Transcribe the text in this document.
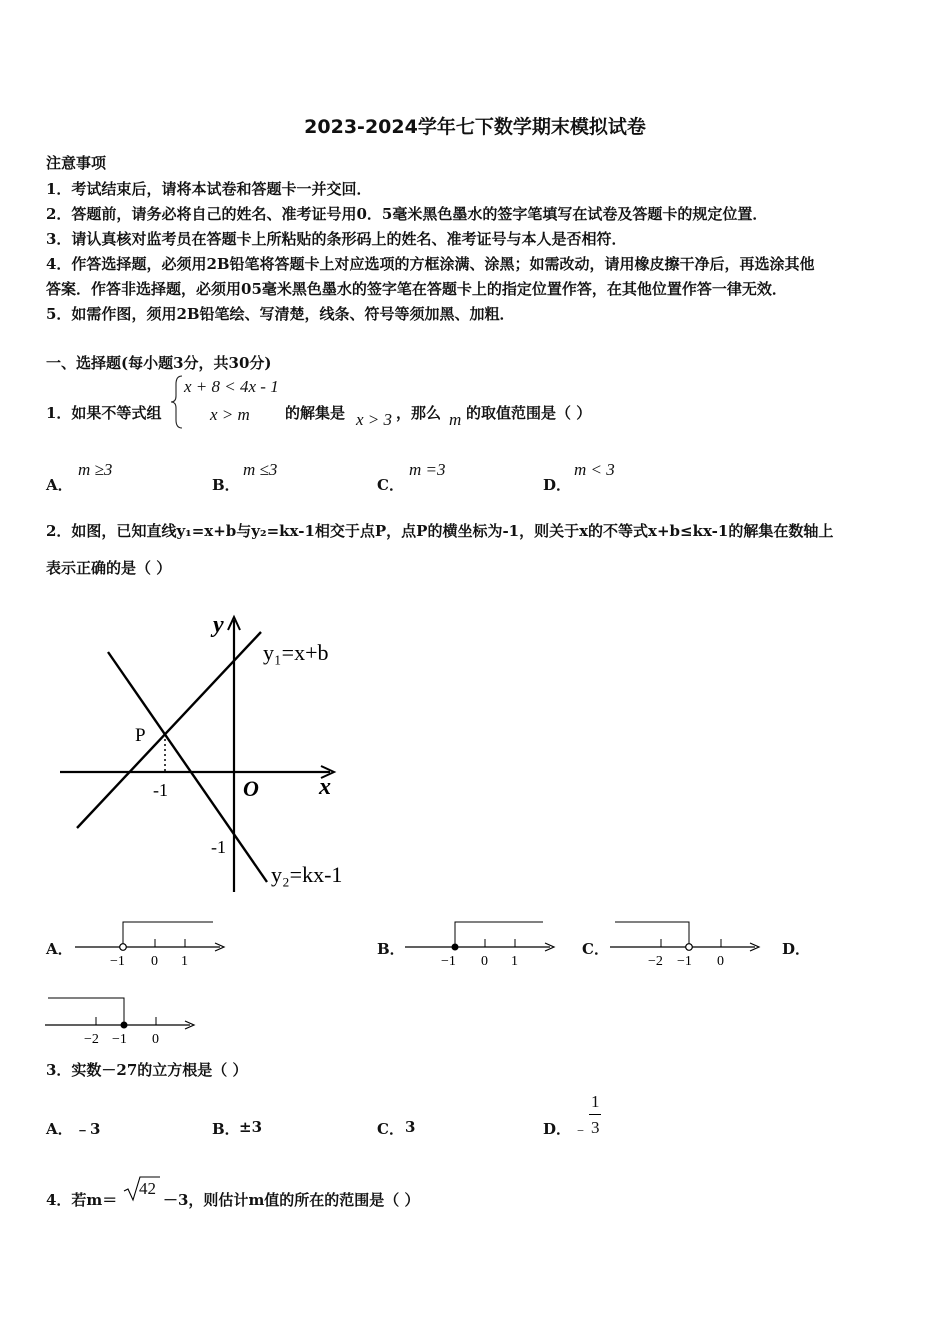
2023-2024学年七下数学期末模拟试卷
注意事项
1．考试结束后，请将本试卷和答题卡一并交回．
2．答题前，请务必将自己的姓名、准考证号用0．5毫米黑色墨水的签字笔填写在试卷及答题卡的规定位置．
3．请认真核对监考员在答题卡上所粘贴的条形码上的姓名、准考证号与本人是否相符．
4．作答选择题，必须用2B铅笔将答题卡上对应选项的方框涂满、涂黑；如需改动，请用橡皮擦干净后，再选涂其他
答案．作答非选择题，必须用05毫米黑色墨水的签字笔在答题卡上的指定位置作答，在其他位置作答一律无效．
5．如需作图，须用2B铅笔绘、写清楚，线条、符号等须加黑、加粗．
一、选择题(每小题3分，共30分)
1．如果不等式组
x + 8 < 4x - 1
x > m 的解集是 x > 3 ，那么 m 的取值范围是（ ）
A．
m ≥3
B．
m ≤3
C．
m =3
D．
m < 3
2．如图，已知直线y₁=x+b与y₂=kx-1相交于点P，点P的横坐标为-1，则关于x的不等式x+b≤kx-1的解集在数轴上
表示正确的是（ ）
y
x
O
y₁=x+b
y₂=kx-1
P
-1
-1
A．
−1 0 1
B．
−1 0 1
C．
−2 −1 0
D．
−2 −1 0
3．实数－27的立方根是（ ）
A． ﹣3	B． ±3	C． 3	D． ﹣
1
3
4．若m＝
42
－3，则估计m值的所在的范围是（ ）
